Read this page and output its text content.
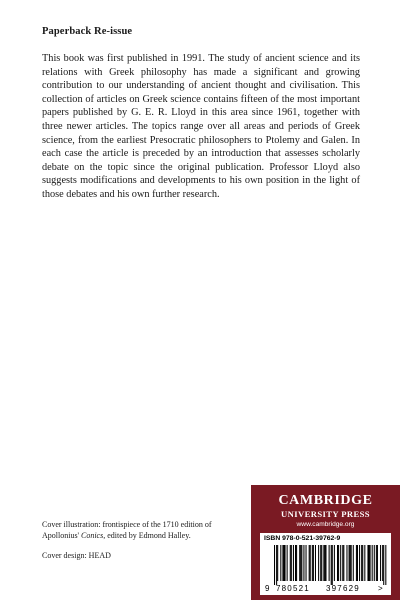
Paperback Re-issue

This book was first published in 1991. The study of ancient science and its relations with Greek philosophy has made a significant and growing contribution to our understanding of ancient thought and civilisation. This collection of articles on Greek science contains fifteen of the most important papers published by G. E. R. Lloyd in this area since 1961, together with three newer articles. The topics range over all areas and periods of Greek science, from the earliest Presocratic philosophers to Ptolemy and Galen. In each case the article is preceded by an introduction that assesses scholarly debate on the topic since the original publication. Professor Lloyd also suggests modifications and developments to his own position in the light of those debates and his own further research.

Cover illustration: frontispiece of the 1710 edition of Apollonius' Conics, edited by Edmond Halley.

Cover design: HEAD

CAMBRIDGE
UNIVERSITY PRESS
www.cambridge.org
ISBN 978-0-521-39762-9
9 780521 397629 >
